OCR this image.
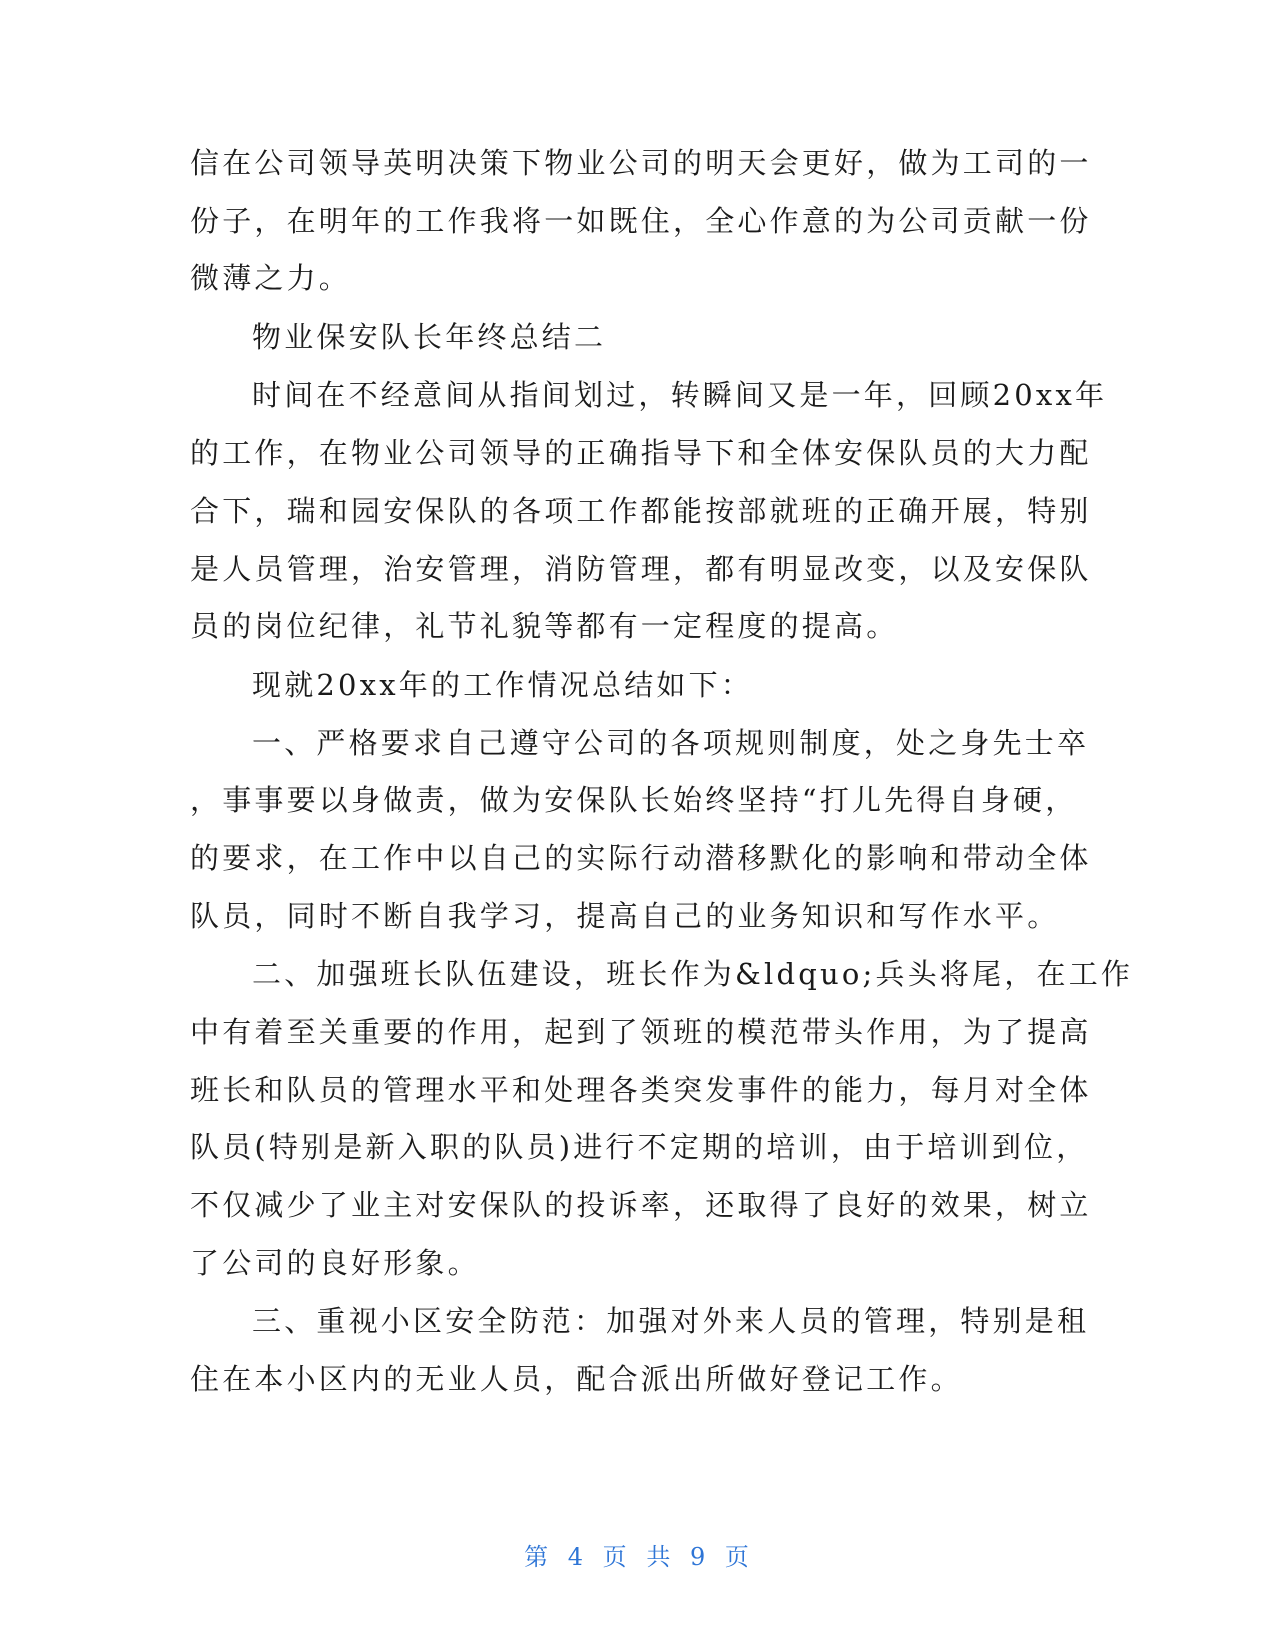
信在公司领导英明决策下物业公司的明天会更好，做为工司的一
份子，在明年的工作我将一如既住，全心作意的为公司贡献一份
微薄之力。
物业保安队长年终总结二
时间在不经意间从指间划过，转瞬间又是一年，回顾20xx年
的工作，在物业公司领导的正确指导下和全体安保队员的大力配
合下，瑞和园安保队的各项工作都能按部就班的正确开展，特别
是人员管理，治安管理，消防管理，都有明显改变，以及安保队
员的岗位纪律，礼节礼貌等都有一定程度的提高。
现就20xx年的工作情况总结如下：
一、严格要求自己遵守公司的各项规则制度，处之身先士卒
，事事要以身做责，做为安保队长始终坚持“打儿先得自身硬，
的要求，在工作中以自己的实际行动潜移默化的影响和带动全体
队员，同时不断自我学习，提高自己的业务知识和写作水平。
二、加强班长队伍建设，班长作为&ldquo;兵头将尾，在工作
中有着至关重要的作用，起到了领班的模范带头作用，为了提高
班长和队员的管理水平和处理各类突发事件的能力，每月对全体
队员(特别是新入职的队员)进行不定期的培训，由于培训到位，
不仅减少了业主对安保队的投诉率，还取得了良好的效果，树立
了公司的良好形象。
三、重视小区安全防范：加强对外来人员的管理，特别是租
住在本小区内的无业人员，配合派出所做好登记工作。
第 4 页 共 9 页
